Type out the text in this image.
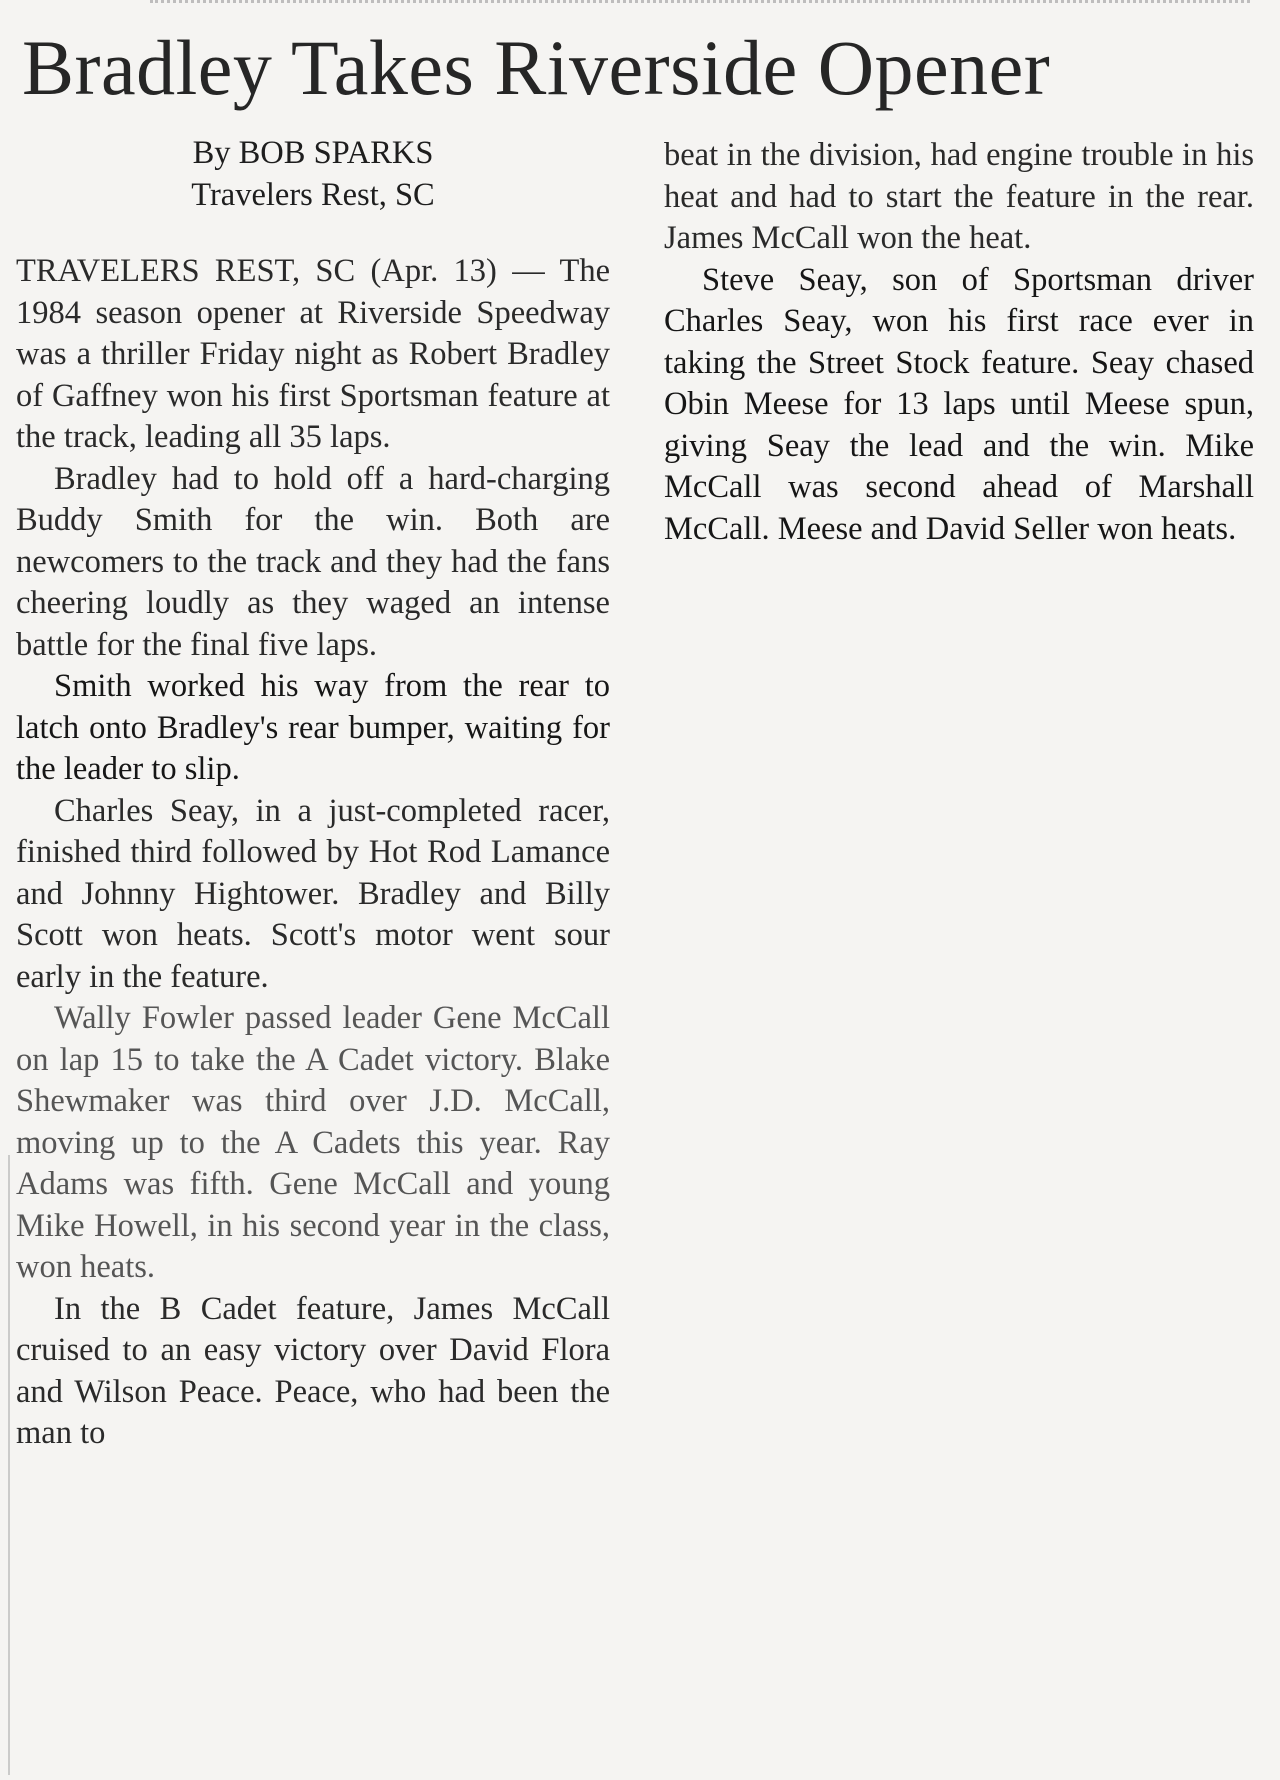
Bradley Takes Riverside Opener
By BOB SPARKS
Travelers Rest, SC

TRAVELERS REST, SC (Apr. 13) — The 1984 season opener at Riverside Speedway was a thriller Friday night as Robert Bradley of Gaffney won his first Sportsman feature at the track, leading all 35 laps.

Bradley had to hold off a hard-charging Buddy Smith for the win. Both are newcomers to the track and they had the fans cheering loudly as they waged an intense battle for the final five laps.

Smith worked his way from the rear to latch onto Bradley's rear bumper, waiting for the leader to slip.

Charles Seay, in a just-completed racer, finished third followed by Hot Rod Lamance and Johnny Hightower. Bradley and Billy Scott won heats. Scott's motor went sour early in the feature.

Wally Fowler passed leader Gene McCall on lap 15 to take the A Cadet victory. Blake Shewmaker was third over J.D. McCall, moving up to the A Cadets this year. Ray Adams was fifth. Gene McCall and young Mike Howell, in his second year in the class, won heats.

In the B Cadet feature, James McCall cruised to an easy victory over David Flora and Wilson Peace. Peace, who had been the man to

beat in the division, had engine trouble in his heat and had to start the feature in the rear. James McCall won the heat.

Steve Seay, son of Sportsman driver Charles Seay, won his first race ever in taking the Street Stock feature. Seay chased Obin Meese for 13 laps until Meese spun, giving Seay the lead and the win. Mike McCall was second ahead of Marshall McCall. Meese and David Seller won heats.
